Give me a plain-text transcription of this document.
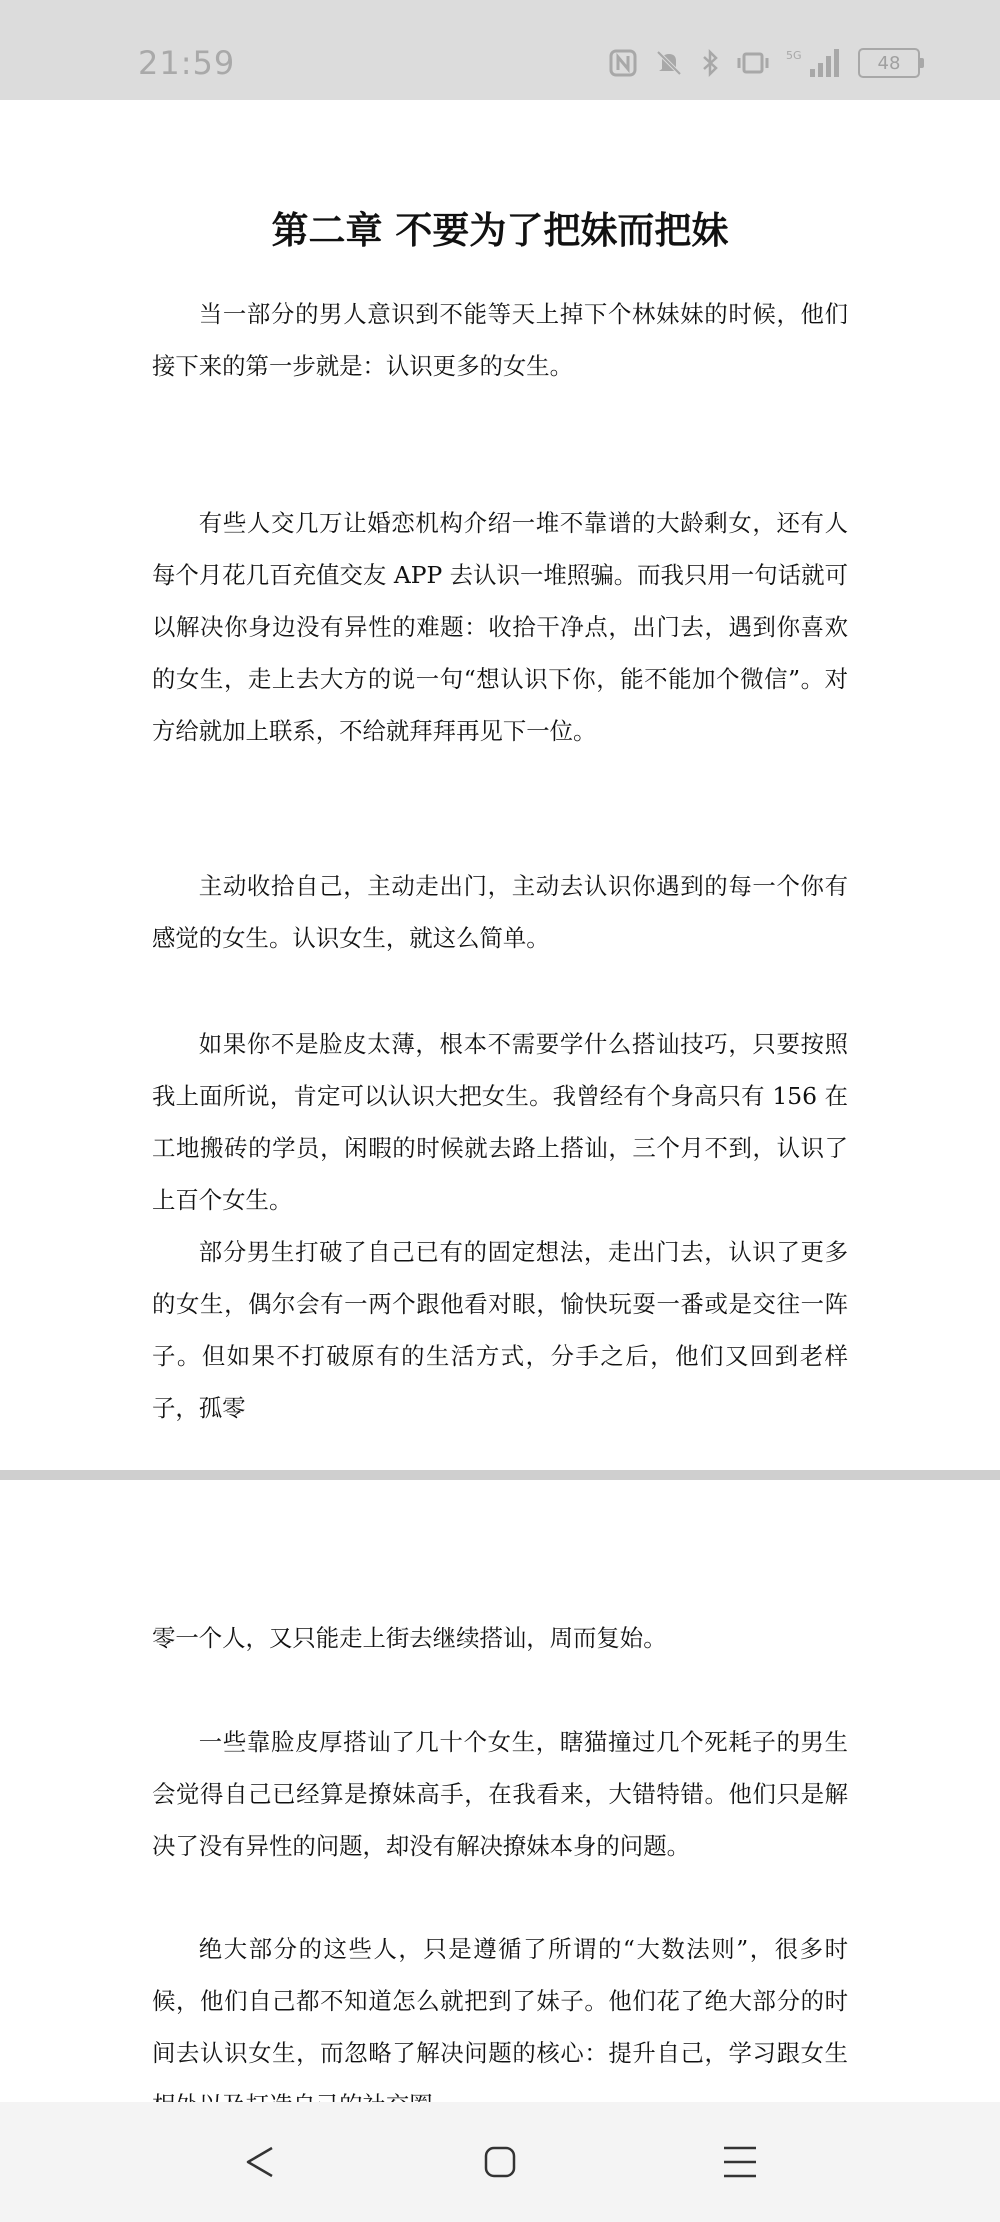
21:59	5G	48
第二章 不要为了把妹而把妹

当一部分的男人意识到不能等天上掉下个林妹妹的时候，他们接下来的第一步就是：认识更多的女生。

有些人交几万让婚恋机构介绍一堆不靠谱的大龄剩女，还有人每个月花几百充值交友 APP 去认识一堆照骗。而我只用一句话就可以解决你身边没有异性的难题：收拾干净点，出门去，遇到你喜欢的女生，走上去大方的说一句“想认识下你，能不能加个微信”。对方给就加上联系，不给就拜拜再见下一位。

主动收拾自己，主动走出门，主动去认识你遇到的每一个你有感觉的女生。认识女生，就这么简单。

如果你不是脸皮太薄，根本不需要学什么搭讪技巧，只要按照我上面所说，肯定可以认识大把女生。我曾经有个身高只有 156 在工地搬砖的学员，闲暇的时候就去路上搭讪，三个月不到，认识了上百个女生。

部分男生打破了自己已有的固定想法，走出门去，认识了更多的女生，偶尔会有一两个跟他看对眼，愉快玩耍一番或是交往一阵子。但如果不打破原有的生活方式，分手之后，他们又回到老样子，孤零

零一个人，又只能走上街去继续搭讪，周而复始。

一些靠脸皮厚搭讪了几十个女生，瞎猫撞过几个死耗子的男生会觉得自己已经算是撩妹高手，在我看来，大错特错。他们只是解决了没有异性的问题，却没有解决撩妹本身的问题。

绝大部分的这些人，只是遵循了所谓的“大数法则”，很多时候，他们自己都不知道怎么就把到了妹子。他们花了绝大部分的时间去认识女生，而忽略了解决问题的核心：提升自己，学习跟女生
